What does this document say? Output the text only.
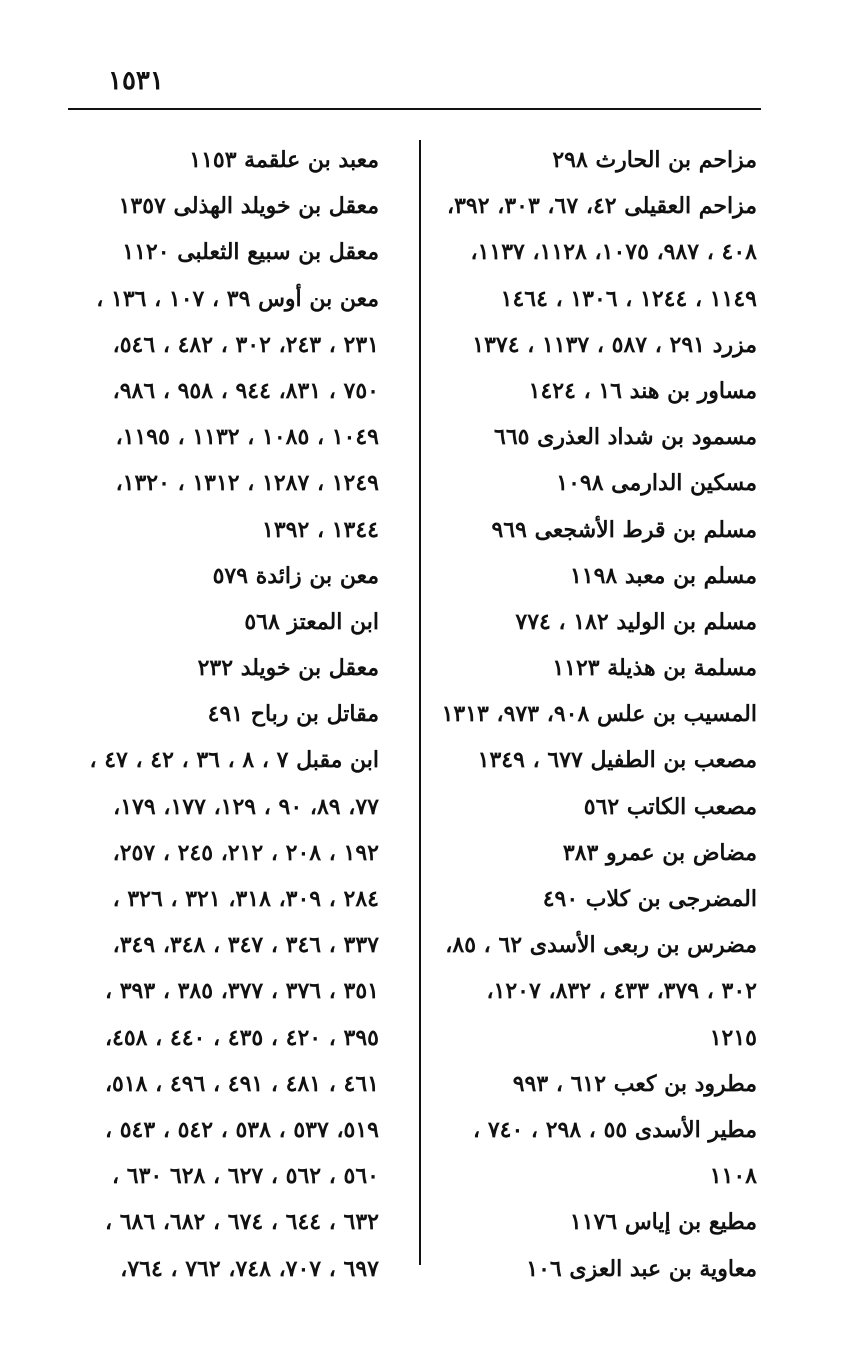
١٥٣١
مزاحم بن الحارث ٢٩٨
مزاحم العقيلى ٤٢، ٦٧، ٣٠٣، ٣٩٢،
٤٠٨ ، ٩٨٧، ١٠٧٥، ١١٢٨، ١١٣٧،
١١٤٩ ، ١٢٤٤ ، ١٣٠٦ ، ١٤٦٤
مزرد ٢٩١ ، ٥٨٧ ، ١١٣٧ ، ١٣٧٤
مساور بن هند ١٦ ، ١٤٢٤
مسمود بن شداد العذرى ٦٦٥
مسكين الدارمى ١٠٩٨
مسلم بن قرط الأشجعى ٩٦٩
مسلم بن معبد ١١٩٨
مسلم بن الوليد ١٨٢ ، ٧٧٤
مسلمة بن هذيلة ١١٢٣
المسيب بن علس ٩٠٨، ٩٧٣، ١٣١٣
مصعب بن الطفيل ٦٧٧ ، ١٣٤٩
مصعب الكاتب ٥٦٢
مضاض بن عمرو ٣٨٣
المضرجى بن كلاب ٤٩٠
مضرس بن ربعى الأسدى ٦٢ ، ٨٥،
٣٠٢ ، ٣٧٩، ٤٣٣ ، ٨٣٢، ١٢٠٧،
١٢١٥
مطرود بن كعب ٦١٢ ، ٩٩٣
مطير الأسدى ٥٥ ، ٢٩٨ ، ٧٤٠ ،
١١٠٨
مطيع بن إياس ١١٧٦
معاوية بن عبد العزى ١٠٦
معبد بن علقمة ١١٥٣
معقل بن خويلد الهذلى ١٣٥٧
معقل بن سبيع الثعلبى ١١٢٠
معن بن أوس ٣٩ ، ١٠٧ ، ١٣٦ ،
٢٣١ ، ٢٤٣، ٣٠٢ ، ٤٨٢ ، ٥٤٦،
٧٥٠ ، ٨٣١، ٩٤٤ ، ٩٥٨ ، ٩٨٦،
١٠٤٩ ، ١٠٨٥ ، ١١٣٢ ، ١١٩٥،
١٢٤٩ ، ١٢٨٧ ، ١٣١٢ ، ١٣٢٠،
١٣٤٤ ، ١٣٩٢
معن بن زائدة ٥٧٩
ابن المعتز ٥٦٨
معقل بن خويلد ٢٣٢
مقاتل بن رباح ٤٩١
ابن مقبل ٧ ، ٨ ، ٣٦ ، ٤٢ ، ٤٧ ،
٧٧، ٨٩، ٩٠ ، ١٢٩، ١٧٧، ١٧٩،
١٩٢ ، ٢٠٨ ، ٢١٢، ٢٤٥ ، ٢٥٧،
٢٨٤ ، ٣٠٩، ٣١٨، ٣٢١ ، ٣٢٦ ،
٣٣٧ ، ٣٤٦ ، ٣٤٧ ، ٣٤٨، ٣٤٩،
٣٥١ ، ٣٧٦ ، ٣٧٧، ٣٨٥ ، ٣٩٣ ،
٣٩٥ ، ٤٢٠ ، ٤٣٥ ، ٤٤٠ ، ٤٥٨،
٤٦١ ، ٤٨١ ، ٤٩١ ، ٤٩٦ ، ٥١٨،
٥١٩، ٥٣٧ ، ٥٣٨ ، ٥٤٢ ، ٥٤٣ ،
٥٦٠ ، ٥٦٢ ، ٦٢٧ ، ٦٢٨ ٦٣٠ ،
٦٣٢ ، ٦٤٤ ، ٦٧٤ ، ٦٨٢، ٦٨٦ ،
٦٩٧ ، ٧٠٧، ٧٤٨، ٧٦٢ ، ٧٦٤،
